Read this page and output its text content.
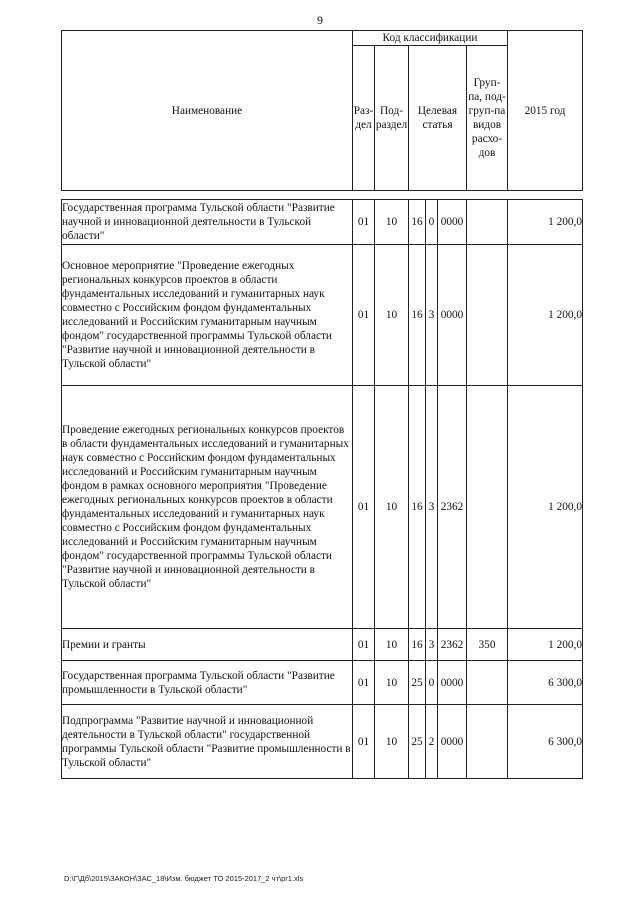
9
Наименование	Код классификации						2015 год
	Раз-дел	Под-раздел	Целевая статья			Груп-па, под-груп-па видов расхо-дов	

Государственная программа Тульской области "Развитие научной и инновационной деятельности в Тульской области"	01	10	16	0	0000		1 200,0
Основное мероприятие "Проведение ежегодных региональных конкурсов проектов в области фундаментальных исследований и гуманитарных наук совместно с Российским фондом фундаментальных исследований и Российским гуманитарным научным фондом" государственной программы Тульской области "Развитие научной и инновационной деятельности в Тульской области"	01	10	16	3	0000		1 200,0
Проведение ежегодных региональных конкурсов проектов в области фундаментальных исследований и гуманитарных наук совместно с Российским фондом фундаментальных исследований и Российским гуманитарным научным фондом в рамках основного мероприятия "Проведение ежегодных региональных конкурсов проектов в области фундаментальных исследований и гуманитарных наук совместно с Российским фондом фундаментальных исследований и Российским гуманитарным научным фондом" государственной программы Тульской области "Развитие научной и инновационной деятельности в Тульской области"	01	10	16	3	2362		1 200,0
Премии и гранты	01	10	16	3	2362	350	1 200,0
Государственная программа Тульской области "Развитие промышленности в Тульской области"	01	10	25	0	0000		6 300,0
Подпрограмма "Развитие научной и инновационной деятельности в Тульской области" государственной программы Тульской области "Развитие промышленности в Тульской области"	01	10	25	2	0000		6 300,0
D:\Г\Дб\2015\ЗАКОН\ЗАС_18\Изм. бюджет ТО 2015-2017_2 чт\pr1.xls
